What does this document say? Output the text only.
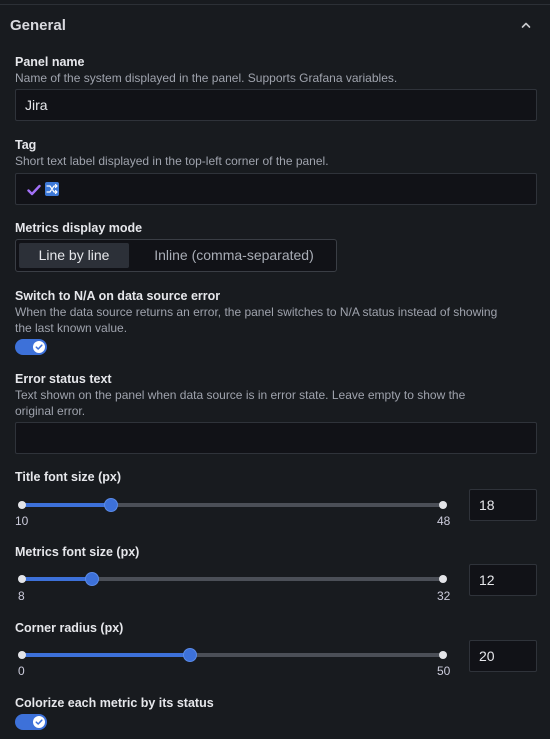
General
Panel name
Name of the system displayed in the panel. Supports Grafana variables.
Jira
Tag
Short text label displayed in the top-left corner of the panel.
Metrics display mode
Line by line	Inline (comma-separated)
Switch to N/A on data source error
When the data source returns an error, the panel switches to N/A status instead of showing the last known value.
Error status text
Text shown on the panel when data source is in error state. Leave empty to show the original error.
Title font size (px)
10	48
18
Metrics font size (px)
8	32
12
Corner radius (px)
0	50
20
Colorize each metric by its status
